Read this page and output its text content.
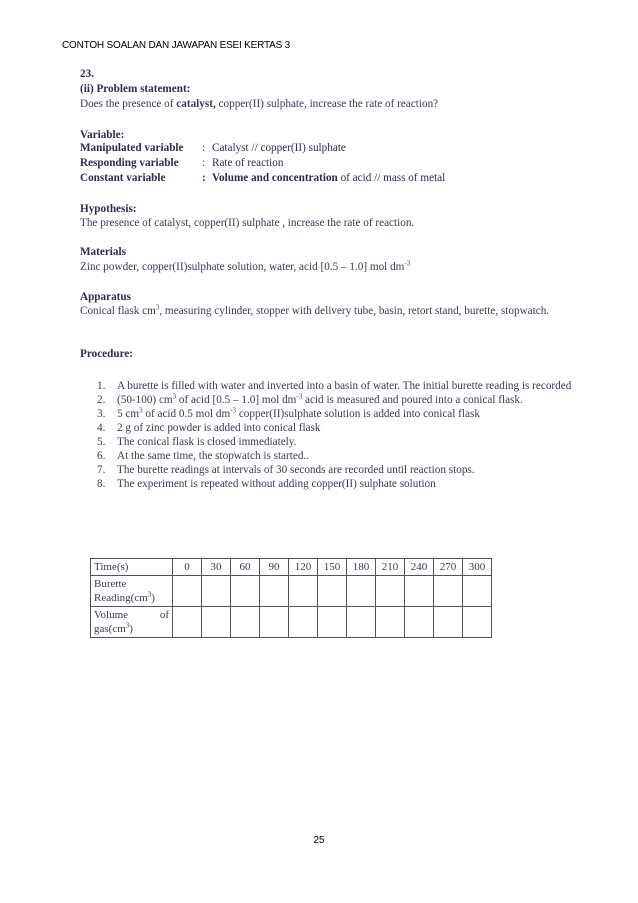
CONTOH SOALAN DAN JAWAPAN ESEI KERTAS 3
23.
(ii) Problem statement:
Does the presence of catalyst, copper(II) sulphate, increase the rate of reaction?
Variable:
Manipulated variable : Catalyst // copper(II) sulphate
Responding variable : Rate of reaction
Constant variable	: Volume and concentration of acid // mass of metal
Hypothesis:
The presence of catalyst, copper(II) sulphate , increase the rate of reaction.
Materials
Zinc powder, copper(II)sulphate solution, water, acid [0.5 – 1.0] mol $dm^{-3}$
Apparatus
Conical flask $cm^3$, measuring cylinder, stopper with delivery tube, basin, retort stand, burette, stopwatch.
Procedure:

1. A burette is filled with water and inverted into a basin of water. The initial burette reading is recorded

2. (50-100) $cm^3$ of acid [0.5 – 1.0] mol $dm^{-3}$ acid is measured and poured into a conical flask.

3. 5 $cm^3$ of acid 0.5 mol $dm^{-3}$ copper(II)sulphate solution is added into conical flask

4. 2 g of zinc powder is added into conical flask

5. The conical flask is closed immediately.

6. At the same time, the stopwatch is started..

7. The burette readings at intervals of 30 seconds are recorded until reaction stops.

8. The experiment is repeated without adding copper(II) sulphate solution

Time(s)	0	30	60	90	120	150	180	210	240	270	300
Burette $Reading(cm^3)$											

Volume of
$gas(cm^3)$											
25
